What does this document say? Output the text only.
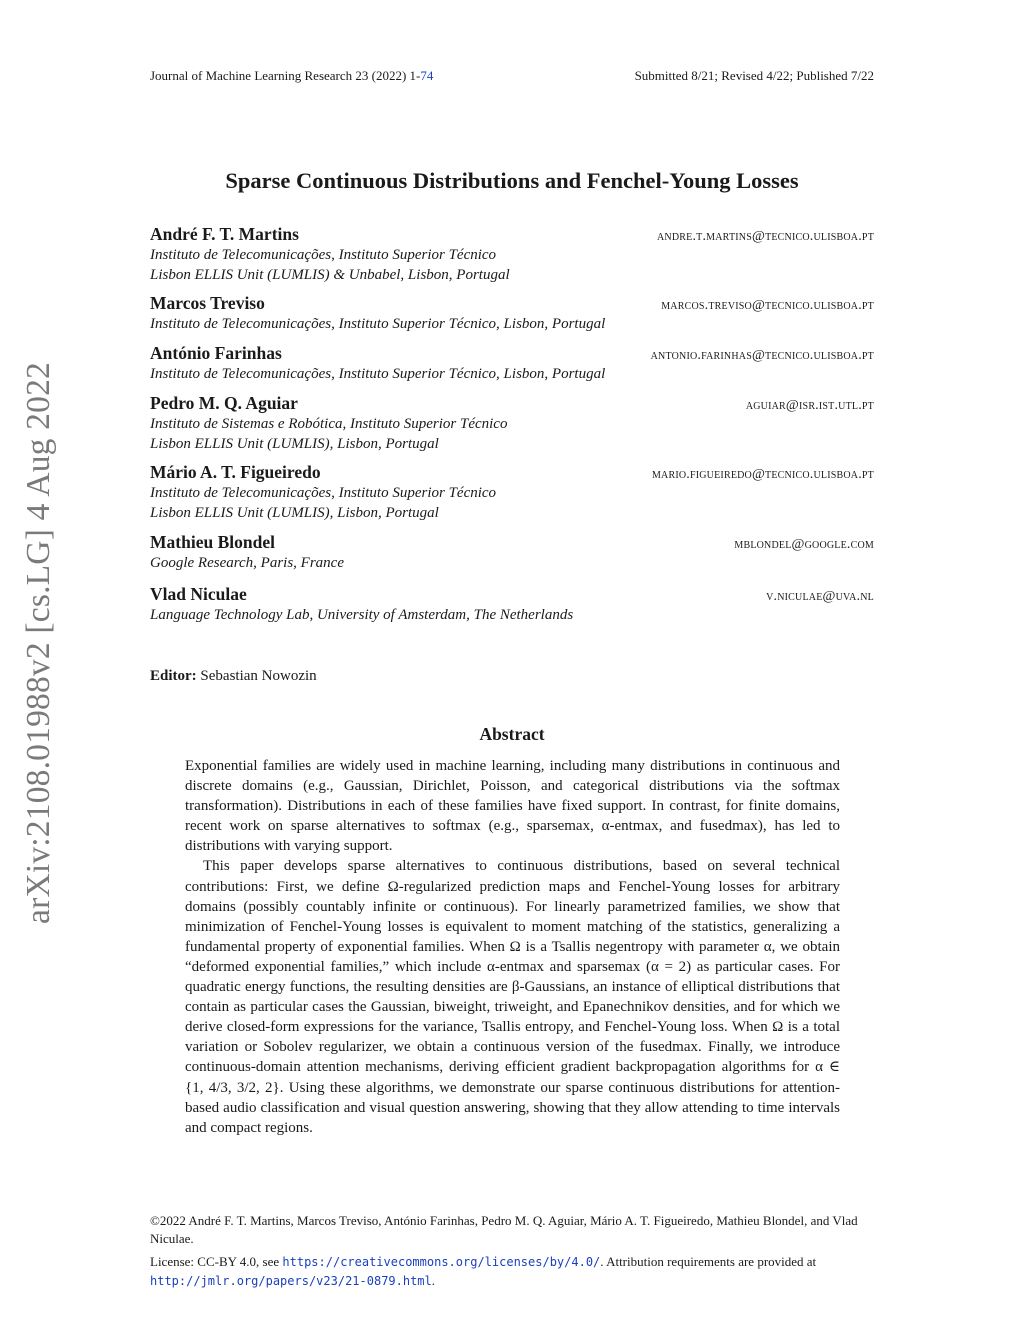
Journal of Machine Learning Research 23 (2022) 1-74	Submitted 8/21; Revised 4/22; Published 7/22
arXiv:2108.01988v2 [cs.LG] 4 Aug 2022
Sparse Continuous Distributions and Fenchel-Young Losses
André F. T. Martins	andre.t.martins@tecnico.ulisboa.pt
Instituto de Telecomunicações, Instituto Superior Técnico
Lisbon ELLIS Unit (LUMLIS) & Unbabel, Lisbon, Portugal
Marcos Treviso	marcos.treviso@tecnico.ulisboa.pt
Instituto de Telecomunicações, Instituto Superior Técnico, Lisbon, Portugal
António Farinhas	antonio.farinhas@tecnico.ulisboa.pt
Instituto de Telecomunicações, Instituto Superior Técnico, Lisbon, Portugal
Pedro M. Q. Aguiar	aguiar@isr.ist.utl.pt
Instituto de Sistemas e Robótica, Instituto Superior Técnico
Lisbon ELLIS Unit (LUMLIS), Lisbon, Portugal
Mário A. T. Figueiredo	mario.figueiredo@tecnico.ulisboa.pt
Instituto de Telecomunicações, Instituto Superior Técnico
Lisbon ELLIS Unit (LUMLIS), Lisbon, Portugal
Mathieu Blondel	mblondel@google.com
Google Research, Paris, France
Vlad Niculae	v.niculae@uva.nl
Language Technology Lab, University of Amsterdam, The Netherlands
Editor: Sebastian Nowozin
Abstract

Exponential families are widely used in machine learning, including many distributions in continuous and discrete domains (e.g., Gaussian, Dirichlet, Poisson, and categorical distributions via the softmax transformation). Distributions in each of these families have fixed support. In contrast, for finite domains, recent work on sparse alternatives to softmax (e.g., sparsemax, α-entmax, and fusedmax), has led to distributions with varying support.

This paper develops sparse alternatives to continuous distributions, based on several technical contributions: First, we define Ω-regularized prediction maps and Fenchel-Young losses for arbitrary domains (possibly countably infinite or continuous). For linearly parametrized families, we show that minimization of Fenchel-Young losses is equivalent to moment matching of the statistics, generalizing a fundamental property of exponential families. When Ω is a Tsallis negentropy with parameter α, we obtain “deformed exponential families,” which include α-entmax and sparsemax (α = 2) as particular cases. For quadratic energy functions, the resulting densities are β-Gaussians, an instance of elliptical distributions that contain as particular cases the Gaussian, biweight, triweight, and Epanechnikov densities, and for which we derive closed-form expressions for the variance, Tsallis entropy, and Fenchel-Young loss. When Ω is a total variation or Sobolev regularizer, we obtain a continuous version of the fusedmax. Finally, we introduce continuous-domain attention mechanisms, deriving efficient gradient backpropagation algorithms for α ∈ {1, 4/3, 3/2, 2}. Using these algorithms, we demonstrate our sparse continuous distributions for attention-based audio classification and visual question answering, showing that they allow attending to time intervals and compact regions.

©2022 André F. T. Martins, Marcos Treviso, António Farinhas, Pedro M. Q. Aguiar, Mário A. T. Figueiredo, Mathieu Blondel, and Vlad Niculae.
License: CC-BY 4.0, see https://creativecommons.org/licenses/by/4.0/. Attribution requirements are provided at http://jmlr.org/papers/v23/21-0879.html.
